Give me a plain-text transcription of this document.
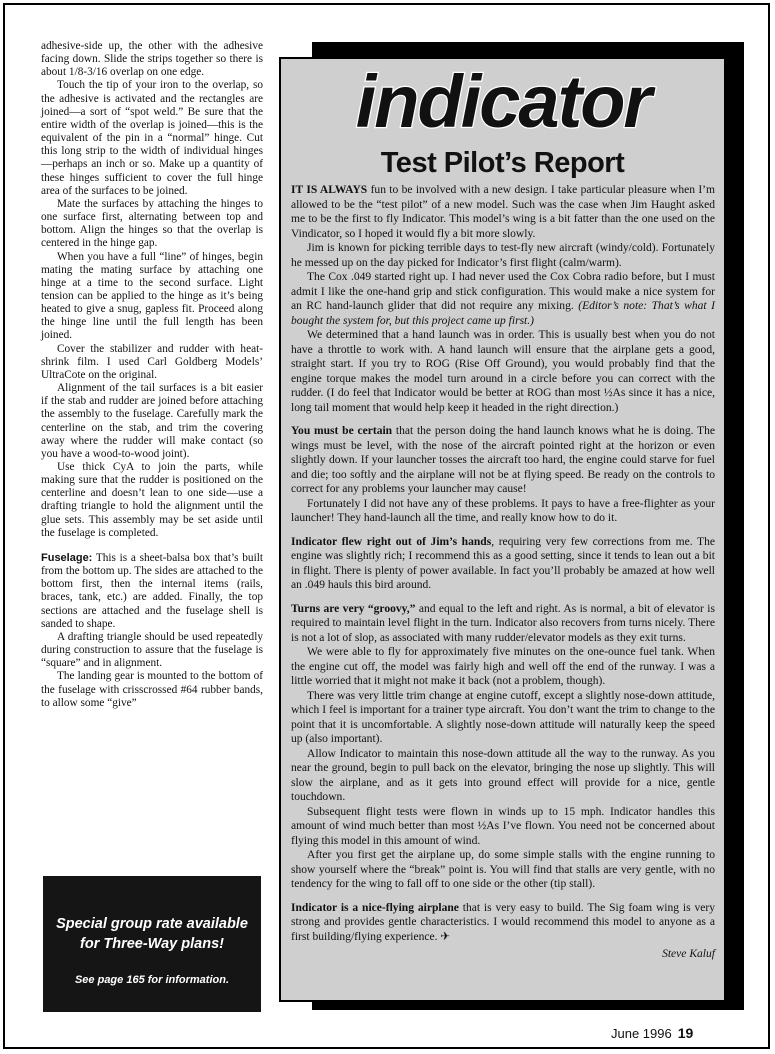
adhesive-side up, the other with the adhesive facing down. Slide the strips together so there is about 1/8-3/16 overlap on one edge.

Touch the tip of your iron to the overlap, so the adhesive is activated and the rectangles are joined—a sort of “spot weld.” Be sure that the entire width of the overlap is joined—this is the equivalent of the pin in a “normal” hinge. Cut this long strip to the width of individual hinges—perhaps an inch or so. Make up a quantity of these hinges sufficient to cover the full hinge area of the surfaces to be joined.

Mate the surfaces by attaching the hinges to one surface first, alternating between top and bottom. Align the hinges so that the overlap is centered in the hinge gap.

When you have a full “line” of hinges, begin mating the mating surface by attaching one hinge at a time to the second surface. Light tension can be applied to the hinge as it’s being heated to give a snug, gapless fit. Proceed along the hinge line until the full length has been joined.

Cover the stabilizer and rudder with heat-shrink film. I used Carl Goldberg Models’ UltraCote on the original.

Alignment of the tail surfaces is a bit easier if the stab and rudder are joined before attaching the assembly to the fuselage. Carefully mark the centerline on the stab, and trim the covering away where the rudder will make contact (so you have a wood-to-wood joint).

Use thick CyA to join the parts, while making sure that the rudder is positioned on the centerline and doesn’t lean to one side—use a drafting triangle to hold the alignment until the glue sets. This assembly may be set aside until the fuselage is completed.

Fuselage: This is a sheet-balsa box that’s built from the bottom up. The sides are attached to the bottom first, then the internal items (rails, braces, tank, etc.) are added. Finally, the top sections are attached and the fuselage shell is sanded to shape.

A drafting triangle should be used repeatedly during construction to assure that the fuselage is “square” and in alignment.

The landing gear is mounted to the bottom of the fuselage with crisscrossed #64 rubber bands, to allow some “give”

Special group rate available
for Three-Way plans!
See page 165 for information.
indicator
Test Pilot’s Report

IT IS ALWAYS fun to be involved with a new design. I take particular pleasure when I’m allowed to be the “test pilot” of a new model. Such was the case when Jim Haught asked me to be the first to fly Indicator. This model’s wing is a bit fatter than the one used on the Vindicator, so I hoped it would fly a bit more slowly.

Jim is known for picking terrible days to test-fly new aircraft (windy/cold). Fortunately he messed up on the day picked for Indicator’s first flight (calm/warm).

The Cox .049 started right up. I had never used the Cox Cobra radio before, but I must admit I like the one-hand grip and stick configuration. This would make a nice system for an RC hand-launch glider that did not require any mixing. (Editor’s note: That’s what I bought the system for, but this project came up first.)

We determined that a hand launch was in order. This is usually best when you do not have a throttle to work with. A hand launch will ensure that the airplane gets a good, straight start. If you try to ROG (Rise Off Ground), you would probably find that the engine torque makes the model turn around in a circle before you can correct with the rudder. (I do feel that Indicator would be better at ROG than most ½As since it has a nice, long tail moment that would help keep it headed in the right direction.)

You must be certain that the person doing the hand launch knows what he is doing. The wings must be level, with the nose of the aircraft pointed right at the horizon or even slightly down. If your launcher tosses the aircraft too hard, the engine could starve for fuel and die; too softly and the airplane will not be at flying speed. Be ready on the controls to correct for any problems your launcher may cause!

Fortunately I did not have any of these problems. It pays to have a free-flighter as your launcher! They hand-launch all the time, and really know how to do it.

Indicator flew right out of Jim’s hands, requiring very few corrections from me. The engine was slightly rich; I recommend this as a good setting, since it tends to lean out a bit in flight. There is plenty of power available. In fact you’ll probably be amazed at how well an .049 hauls this bird around.

Turns are very “groovy,” and equal to the left and right. As is normal, a bit of elevator is required to maintain level flight in the turn. Indicator also recovers from turns nicely. There is not a lot of slop, as associated with many rudder/elevator models as they exit turns.

We were able to fly for approximately five minutes on the one-ounce fuel tank. When the engine cut off, the model was fairly high and well off the end of the runway. I was a little worried that it might not make it back (not a problem, though).

There was very little trim change at engine cutoff, except a slightly nose-down attitude, which I feel is important for a trainer type aircraft. You don’t want the trim to change to the point that it is uncomfortable. A slightly nose-down attitude will naturally keep the speed up (also important).

Allow Indicator to maintain this nose-down attitude all the way to the runway. As you near the ground, begin to pull back on the elevator, bringing the nose up slightly. This will slow the airplane, and as it gets into ground effect will provide for a nice, gentle touchdown.

Subsequent flight tests were flown in winds up to 15 mph. Indicator handles this amount of wind much better than most ½As I’ve flown. You need not be concerned about flying this model in this amount of wind.

After you first get the airplane up, do some simple stalls with the engine running to show yourself where the “break” point is. You will find that stalls are very gentle, with no tendency for the wing to fall off to one side or the other (tip stall).

Indicator is a nice-flying airplane that is very easy to build. The Sig foam wing is very strong and provides gentle characteristics. I would recommend this model to anyone as a first building/flying experience. ✈

Steve Kaluf

June 1996 19
